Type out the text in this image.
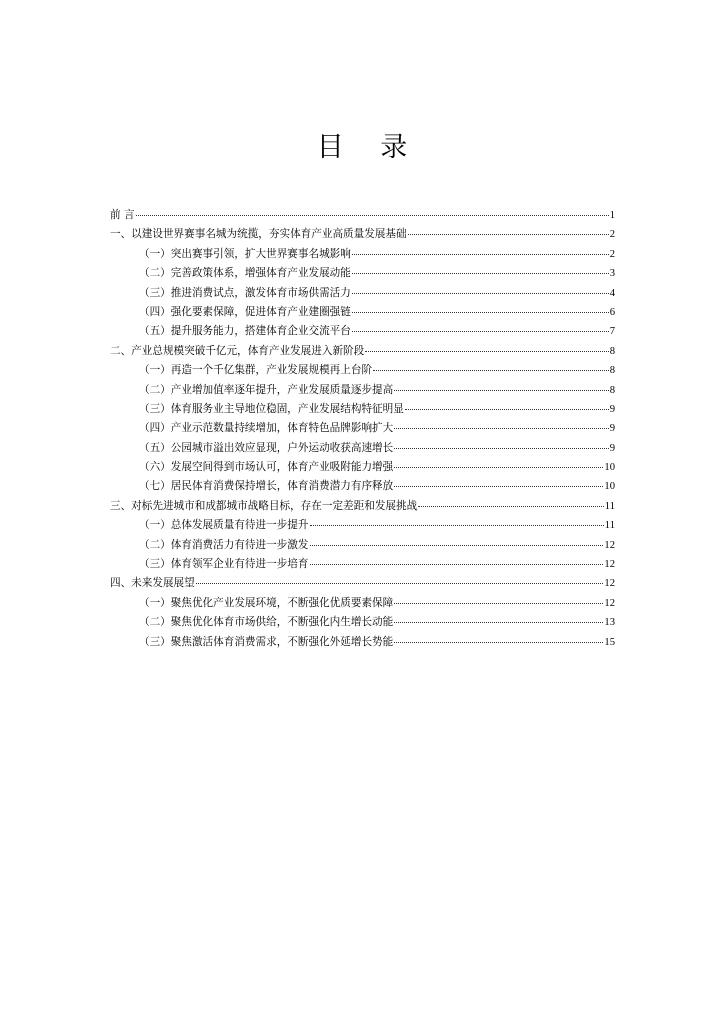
目 录
前 言	1
一、以建设世界赛事名城为统揽，夯实体育产业高质量发展基础	2
（一）突出赛事引领，扩大世界赛事名城影响	2
（二）完善政策体系，增强体育产业发展动能	3
（三）推进消费试点，激发体育市场供需活力	4
（四）强化要素保障，促进体育产业建圈强链	6
（五）提升服务能力，搭建体育企业交流平台	7
二、产业总规模突破千亿元，体育产业发展进入新阶段	8
（一）再造一个千亿集群，产业发展规模再上台阶	8
（二）产业增加值率逐年提升，产业发展质量逐步提高	8
（三）体育服务业主导地位稳固，产业发展结构特征明显	9
（四）产业示范数量持续增加，体育特色品牌影响扩大	9
（五）公园城市溢出效应显现，户外运动收获高速增长	9
（六）发展空间得到市场认可，体育产业吸附能力增强	10
（七）居民体育消费保持增长，体育消费潜力有序释放	10
三、对标先进城市和成都城市战略目标，存在一定差距和发展挑战	11
（一）总体发展质量有待进一步提升	11
（二）体育消费活力有待进一步激发	12
（三）体育领军企业有待进一步培育	12
四、未来发展展望	12
（一）聚焦优化产业发展环境，不断强化优质要素保障	12
（二）聚焦优化体育市场供给，不断强化内生增长动能	13
（三）聚焦激活体育消费需求，不断强化外延增长势能	15
